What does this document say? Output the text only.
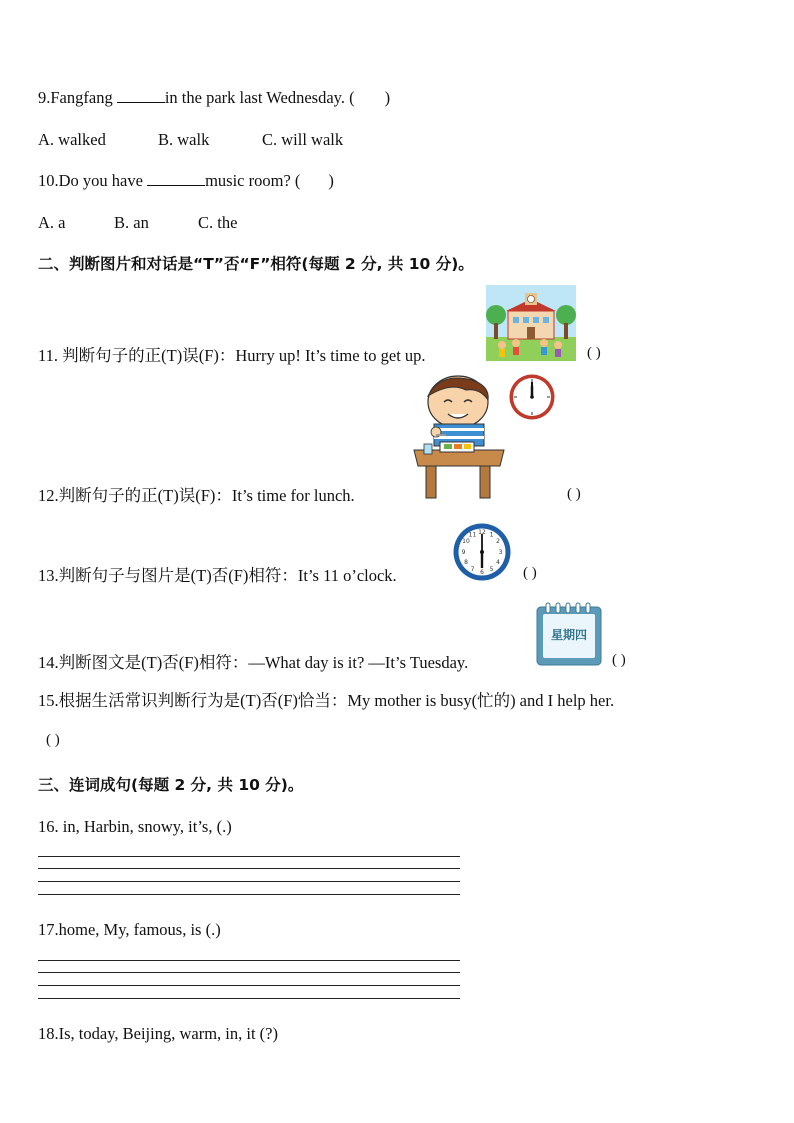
9.Fangfang	in the park last Wednesday. ( )
A. walked	B. walk	C. will walk
10.Do you have	music room? ( )
A. a	B. an	C. the
二、判断图片和对话是“T”否“F”相符(每题 2 分, 共 10 分)。
11. 判断句子的正(T)误(F)：Hurry up! It’s time to get up.	( )
12.判断句子的正(T)误(F)：It’s time for lunch.	( )
12 1
2
3
4
5
6
7
8
9
10
11
13.判断句子与图片是(T)否(F)相符：It’s 11 o’clock.	( )
星期四
14.判断图文是(T)否(F)相符：—What day is it? —It’s Tuesday.	( )
15.根据生活常识判断行为是(T)否(F)恰当：My mother is busy(忙的) and I help her.
( )
三、连词成句(每题 2 分, 共 10 分)。
16. in, Harbin, snowy, it’s, (.)
17.home, My, famous, is (.)
18.Is, today, Beijing, warm, in, it (?)
